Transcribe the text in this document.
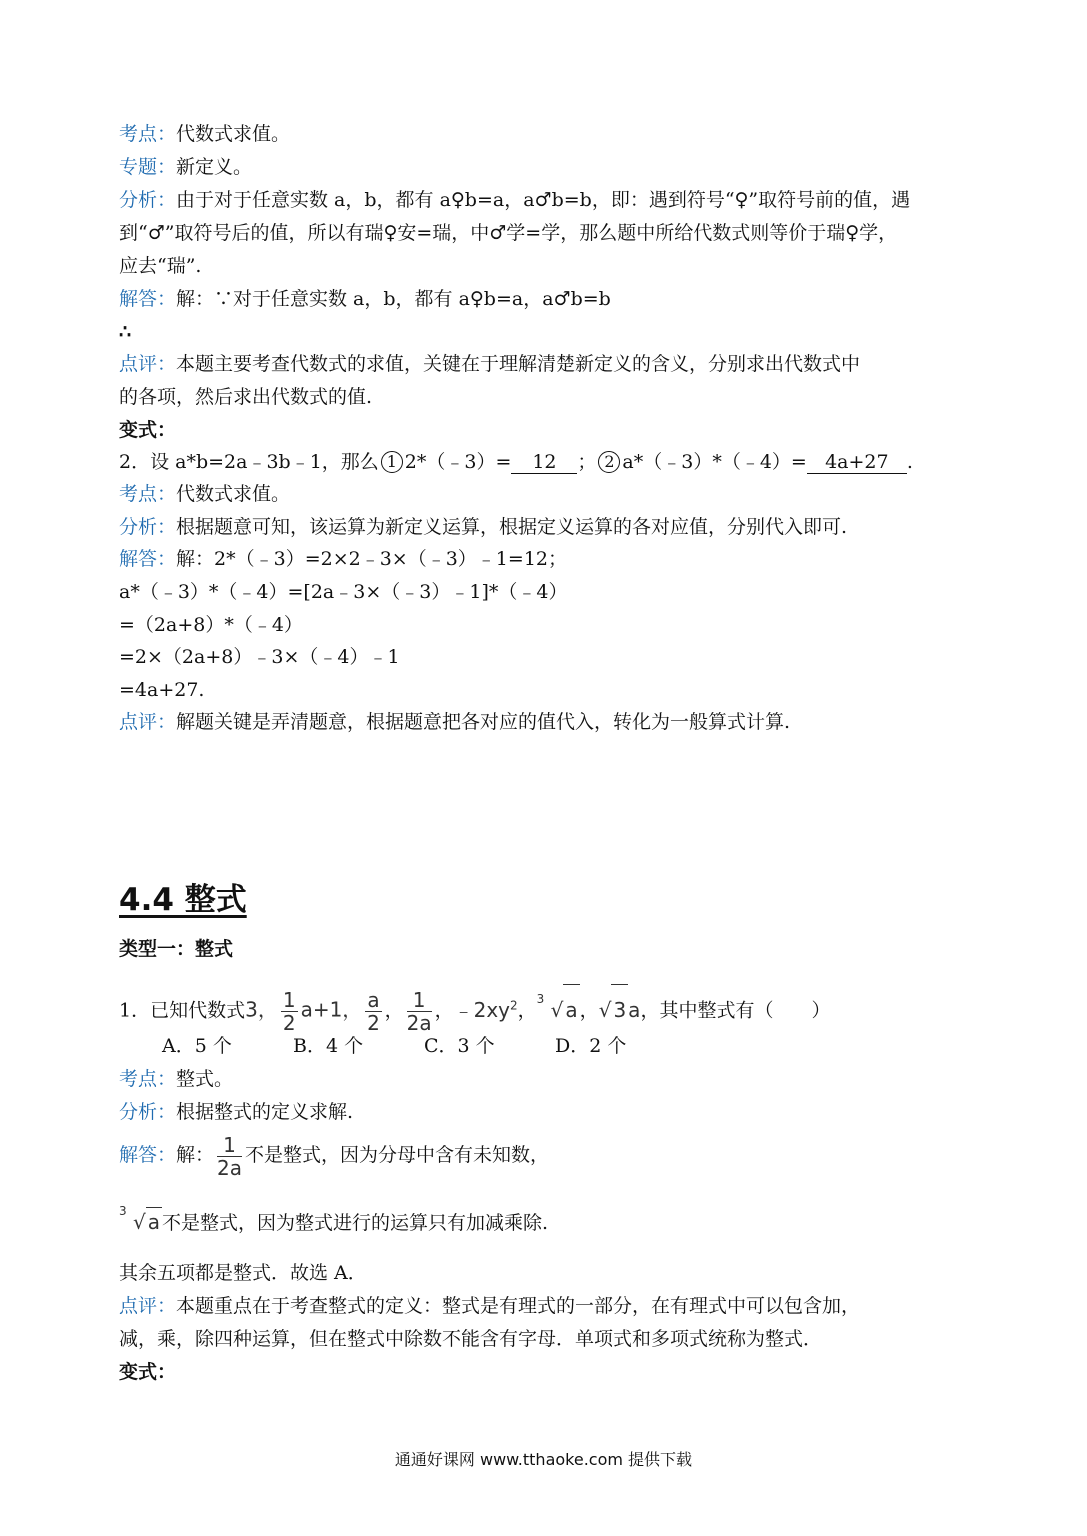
考点：代数式求值。
专题：新定义。
分析：由于对于任意实数 a，b，都有 a♀b=a，a♂b=b，即：遇到符号“♀”取符号前的值，遇
到“♂”取符号后的值，所以有瑞♀安=瑞，中♂学=学，那么题中所给代数式则等价于瑞♀学，
应去“瑞”.
解答：解：∵对于任意实数 a，b，都有 a♀b=a，a♂b=b
∴
点评：本题主要考查代数式的求值，关键在于理解清楚新定义的含义，分别求出代数式中
的各项，然后求出代数式的值.
变式：
2．设 a*b=2a﹣3b﹣1，那么 1 2*（﹣3）= 12 ； 2 a*（﹣3）*（﹣4）= 4a+27 .
考点：代数式求值。
分析：根据题意可知，该运算为新定义运算，根据定义运算的各对应值，分别代入即可.
解答：解：2*（﹣3）=2×2﹣3×（﹣3）﹣1=12；
a*（﹣3）*（﹣4）=[2a﹣3×（﹣3）﹣1]*（﹣4）
=（2a+8）*（﹣4）
=2×（2a+8）﹣3×（﹣4）﹣1
=4a+27.
点评：解题关键是弄清题意，根据题意把各对应的值代入，转化为一般算式计算.
4.4 整式
类型一：整式
1．已知代数式3， $\frac{1}{2} a+1$， $\frac{a}{2}$ ， $\frac{1}{2a}$ ，$﹣2xy^2$，
3 √ a ，√ 3 a，其中整式有（　　）
A．5 个	B．4 个	C．3 个	D．2 个
考点：整式。
分析：根据整式的定义求解.
解答：解： $\frac{1}{2a}$ 不是整式，因为分母中含有未知数，
3 √ a 不是整式，因为整式进行的运算只有加减乘除.
其余五项都是整式．故选 A．
点评：本题重点在于考查整式的定义：整式是有理式的一部分，在有理式中可以包含加，
减，乘，除四种运算，但在整式中除数不能含有字母．单项式和多项式统称为整式．
变式：
通通好课网 www.tthaoke.com 提供下载
